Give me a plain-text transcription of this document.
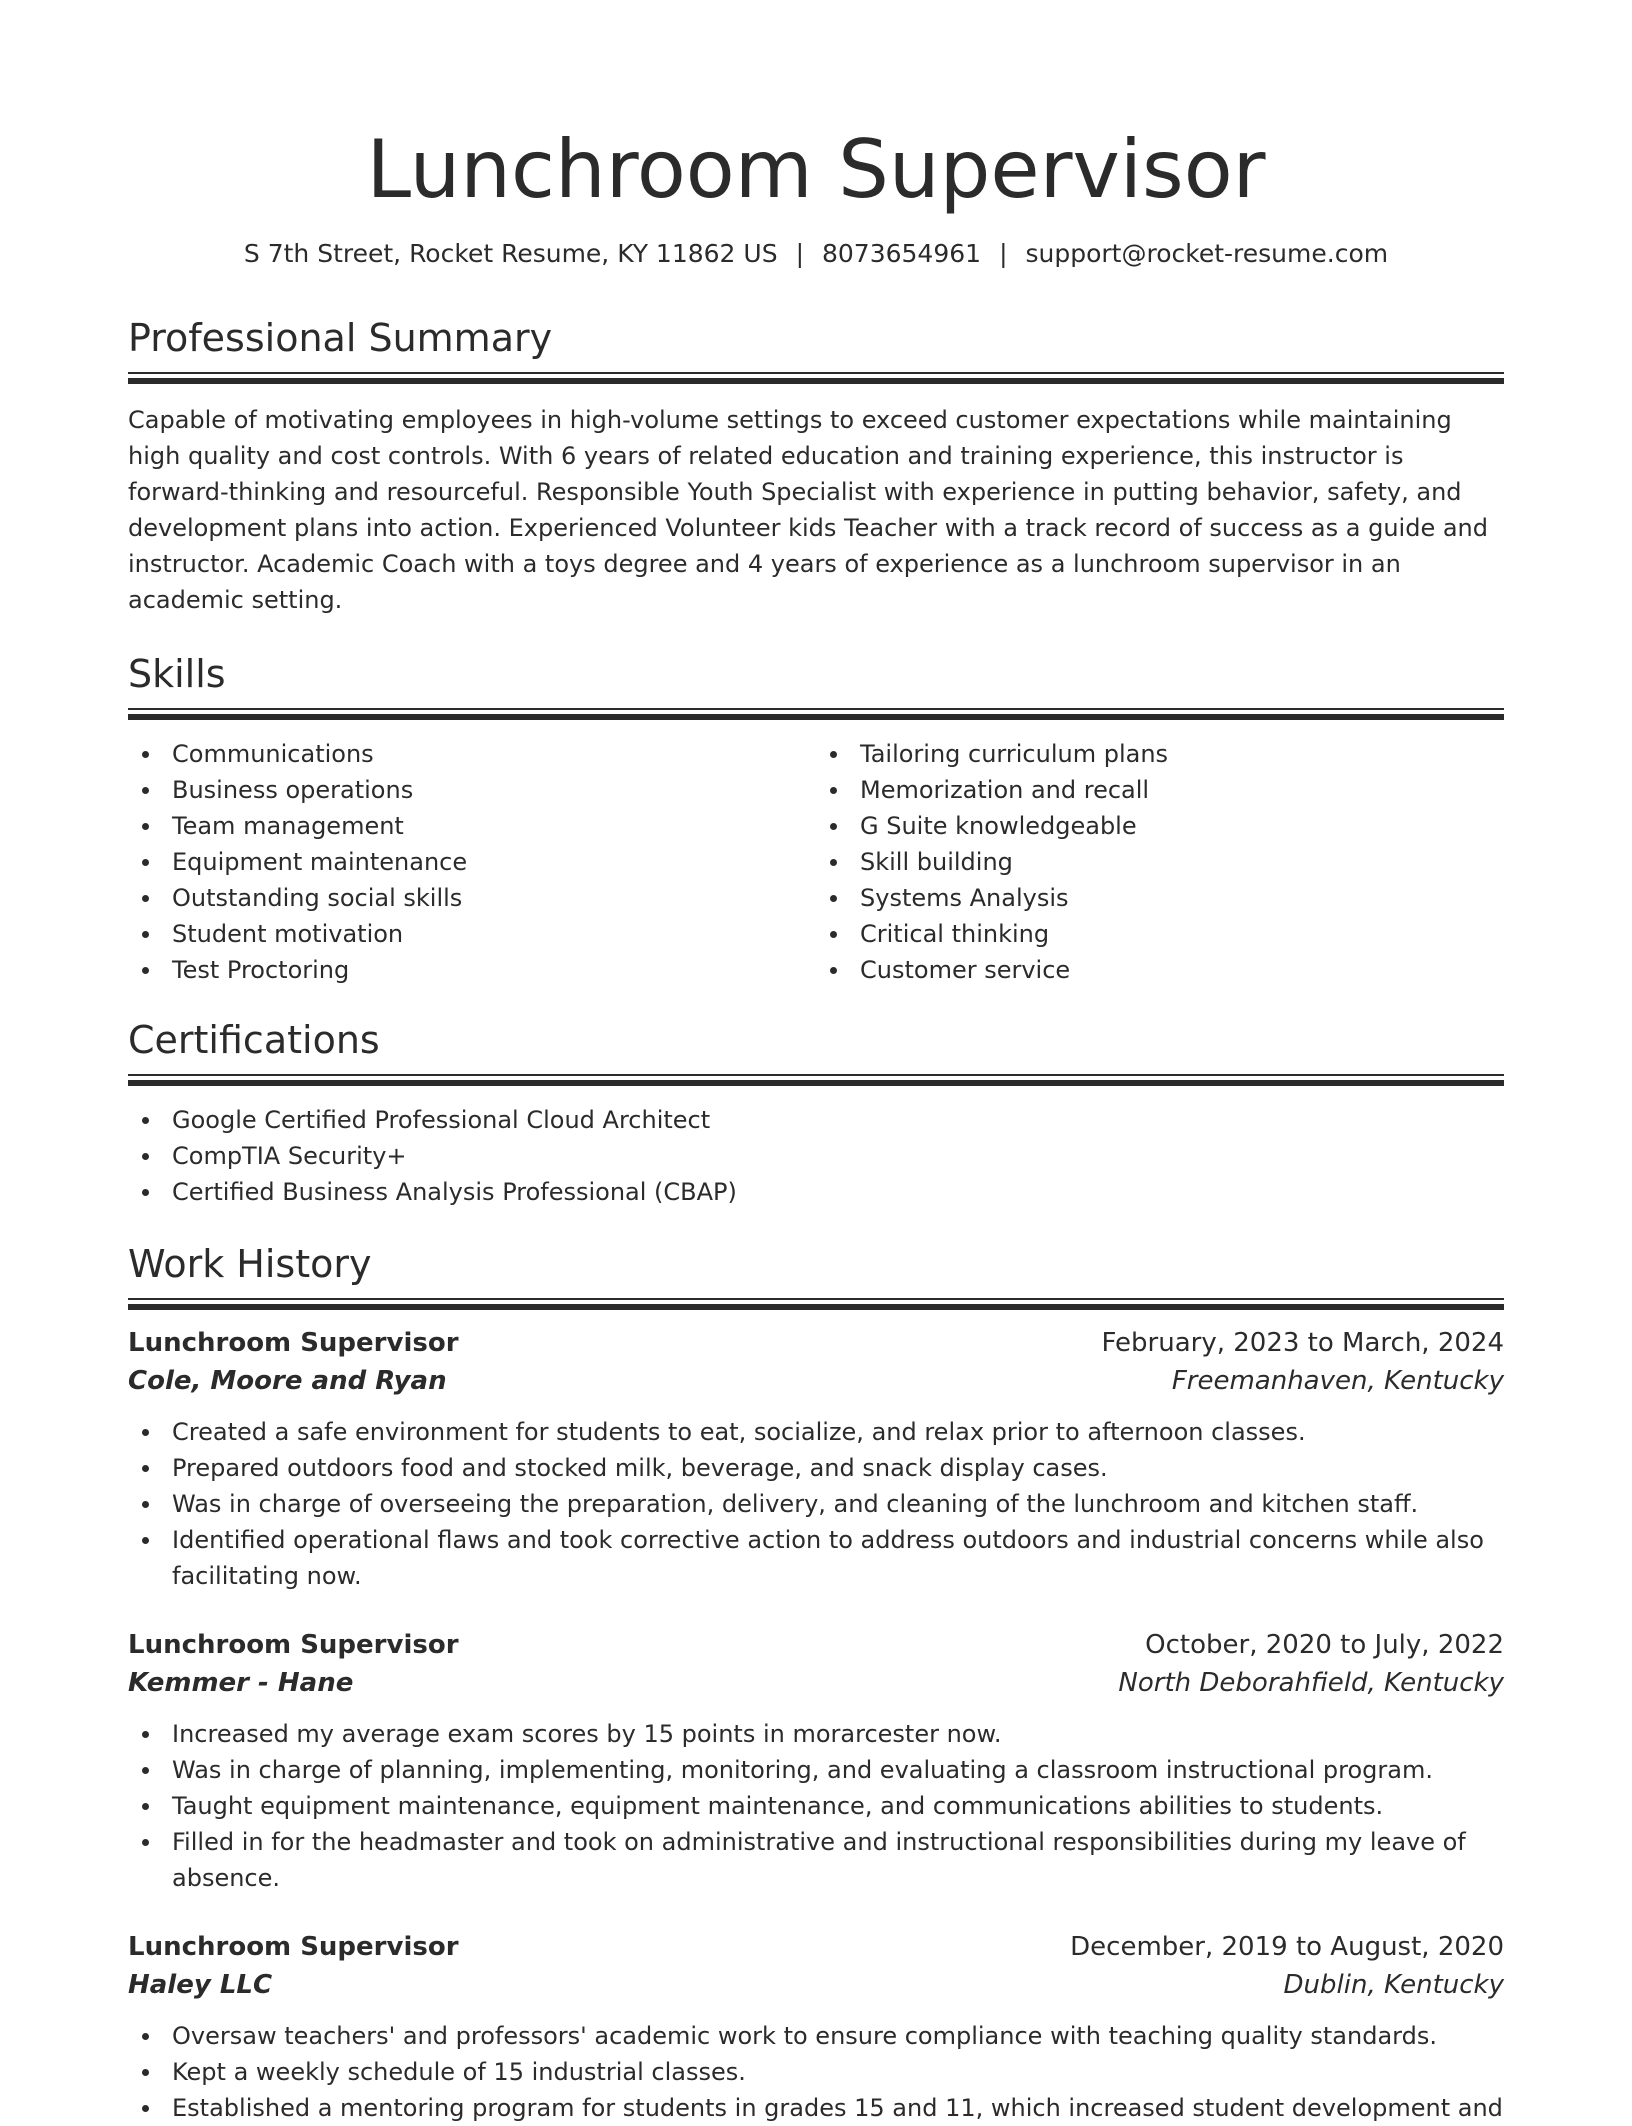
Lunchroom Supervisor
S 7th Street, Rocket Resume, KY 11862 US | 8073654961 | support@rocket-resume.com
Professional Summary

Capable of motivating employees in high-volume settings to exceed customer expectations while maintaining high quality and cost controls. With 6 years of related education and training experience, this instructor is forward-thinking and resourceful. Responsible Youth Specialist with experience in putting behavior, safety, and development plans into action. Experienced Volunteer kids Teacher with a track record of success as a guide and instructor. Academic Coach with a toys degree and 4 years of experience as a lunchroom supervisor in an academic setting.

Skills
Communications
Business operations
Team management
Equipment maintenance
Outstanding social skills
Student motivation
Test Proctoring
Tailoring curriculum plans
Memorization and recall
G Suite knowledgeable
Skill building
Systems Analysis
Critical thinking
Customer service
Certifications
Google Certified Professional Cloud Architect
CompTIA Security+
Certified Business Analysis Professional (CBAP)
Work History
Lunchroom Supervisor	February, 2023 to March, 2024
Cole, Moore and Ryan	Freemanhaven, Kentucky
Created a safe environment for students to eat, socialize, and relax prior to afternoon classes.
Prepared outdoors food and stocked milk, beverage, and snack display cases.
Was in charge of overseeing the preparation, delivery, and cleaning of the lunchroom and kitchen staff.
Identified operational flaws and took corrective action to address outdoors and industrial concerns while also facilitating now.
Lunchroom Supervisor	October, 2020 to July, 2022
Kemmer - Hane	North Deborahfield, Kentucky
Increased my average exam scores by 15 points in morarcester now.
Was in charge of planning, implementing, monitoring, and evaluating a classroom instructional program.
Taught equipment maintenance, equipment maintenance, and communications abilities to students.
Filled in for the headmaster and took on administrative and instructional responsibilities during my leave of absence.
Lunchroom Supervisor	December, 2019 to August, 2020
Haley LLC	Dublin, Kentucky
Oversaw teachers' and professors' academic work to ensure compliance with teaching quality standards.
Kept a weekly schedule of 15 industrial classes.
Established a mentoring program for students in grades 15 and 11, which increased student development and
